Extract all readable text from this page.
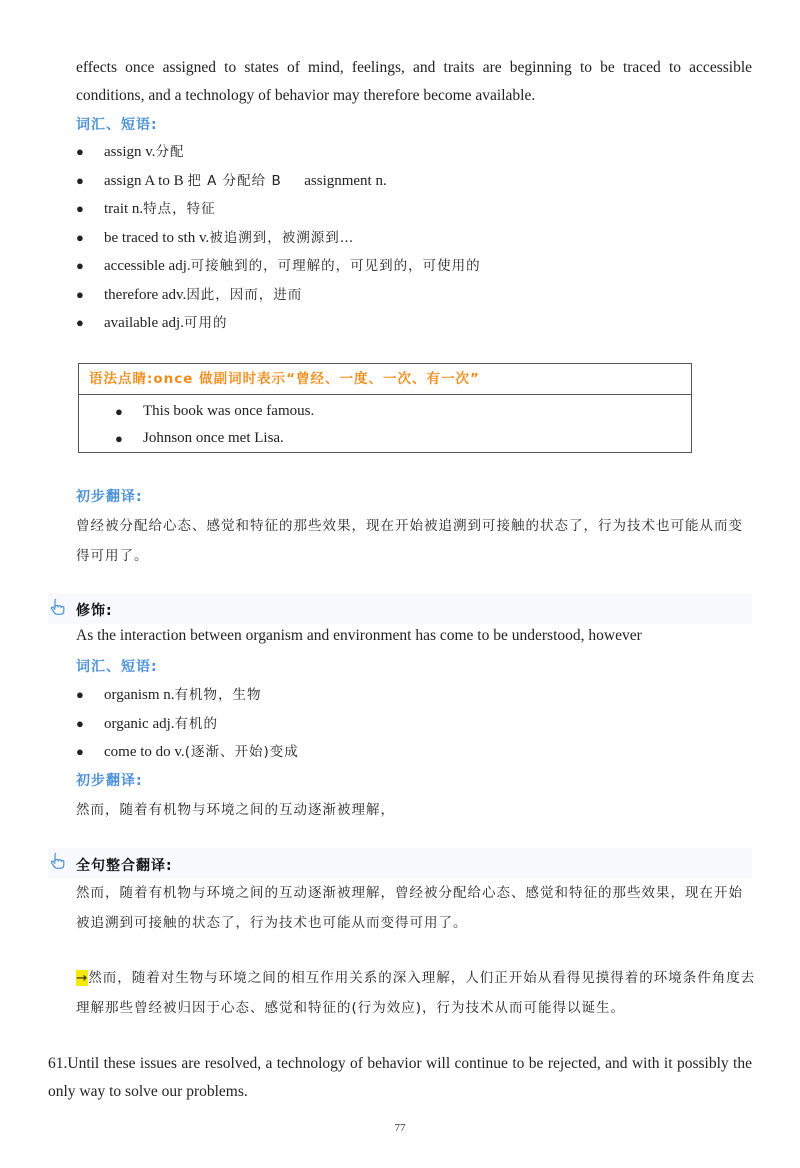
effects once assigned to states of mind, feelings, and traits are beginning to be traced to accessible conditions, and a technology of behavior may therefore become available.
词汇、短语:
● assign v.分配
● assign A to B 把 A 分配给 B      assignment n.
● trait n.特点，特征
● be traced to sth v.被追溯到，被溯源到…
● accessible adj.可接触到的，可理解的，可见到的，可使用的
● therefore adv.因此，因而，进而
● available adj.可用的
语法点睛:once 做副词时表示“曾经、一度、一次、有一次”
● This book was once famous.
● Johnson once met Lisa.
初步翻译:
曾经被分配给心态、感觉和特征的那些效果，现在开始被追溯到可接触的状态了，行为技术也可能从而变得可用了。
修饰:
As the interaction between organism and environment has come to be understood, however
词汇、短语:
● organism n.有机物，生物
● organic adj.有机的
● come to do v.(逐渐、开始)变成
初步翻译:
然而，随着有机物与环境之间的互动逐渐被理解，
全句整合翻译:
然而，随着有机物与环境之间的互动逐渐被理解，曾经被分配给心态、感觉和特征的那些效果，现在开始被追溯到可接触的状态了，行为技术也可能从而变得可用了。
→然而，随着对生物与环境之间的相互作用关系的深入理解，人们正开始从看得见摸得着的环境条件角度去理解那些曾经被归因于心态、感觉和特征的(行为效应)，行为技术从而可能得以诞生。
61.Until these issues are resolved, a technology of behavior will continue to be rejected, and with it possibly the only way to solve our problems.
77
